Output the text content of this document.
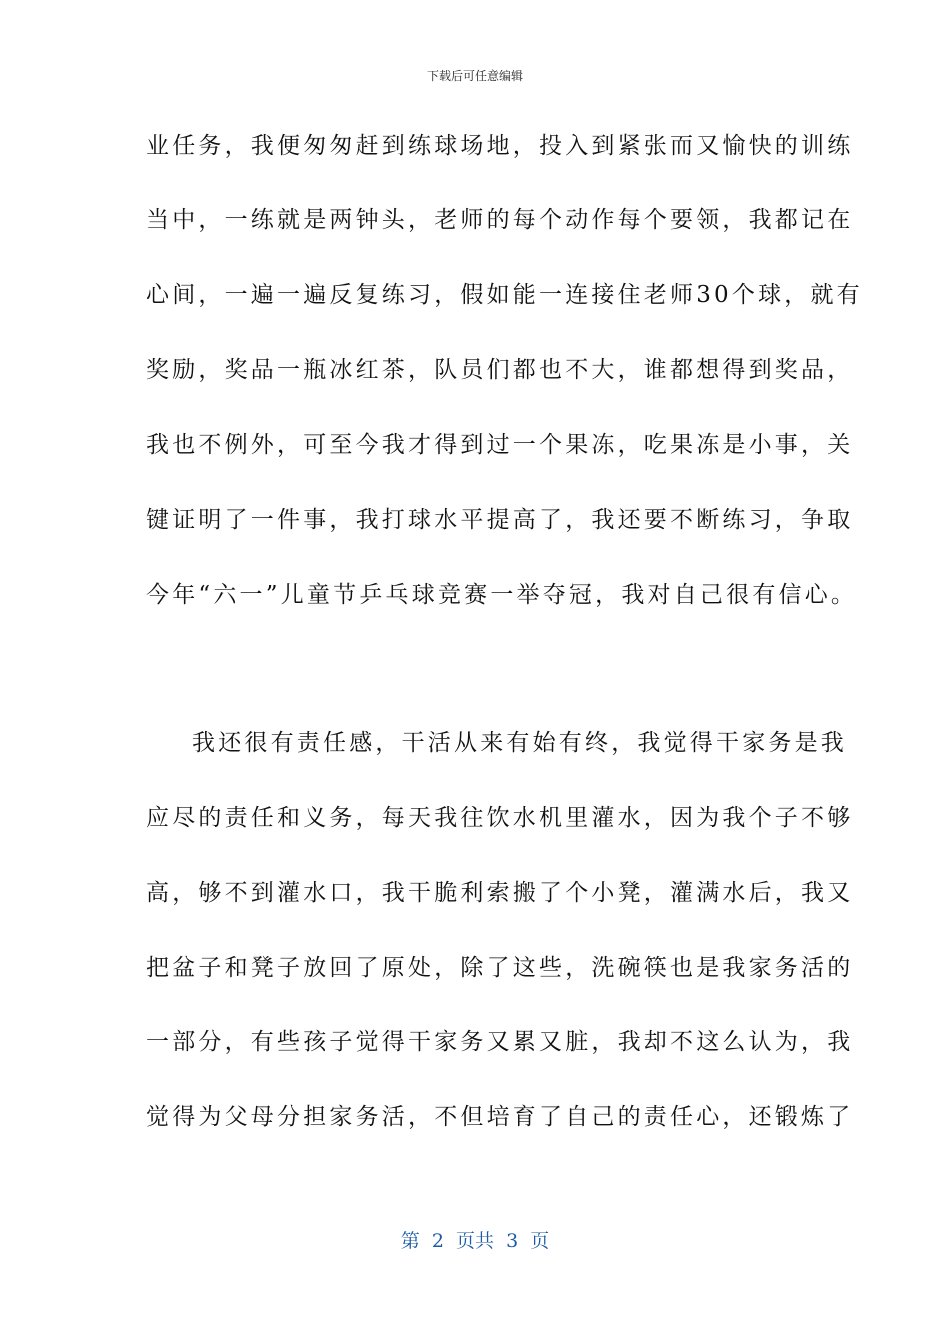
下载后可任意编辑
业任务，我便匆匆赶到练球场地，投入到紧张而又愉快的训练
当中，一练就是两钟头，老师的每个动作每个要领，我都记在
心间，一遍一遍反复练习，假如能一连接住老师30个球，就有
奖励，奖品一瓶冰红茶，队员们都也不大，谁都想得到奖品，
我也不例外，可至今我才得到过一个果冻，吃果冻是小事，关
键证明了一件事，我打球水平提高了，我还要不断练习，争取
今年“六一”儿童节乒乓球竞赛一举夺冠，我对自己很有信心。
我还很有责任感，干活从来有始有终，我觉得干家务是我
应尽的责任和义务，每天我往饮水机里灌水，因为我个子不够
高，够不到灌水口，我干脆利索搬了个小凳，灌满水后，我又
把盆子和凳子放回了原处，除了这些，洗碗筷也是我家务活的
一部分，有些孩子觉得干家务又累又脏，我却不这么认为，我
觉得为父母分担家务活，不但培育了自己的责任心，还锻炼了
第  2  页共  3  页
